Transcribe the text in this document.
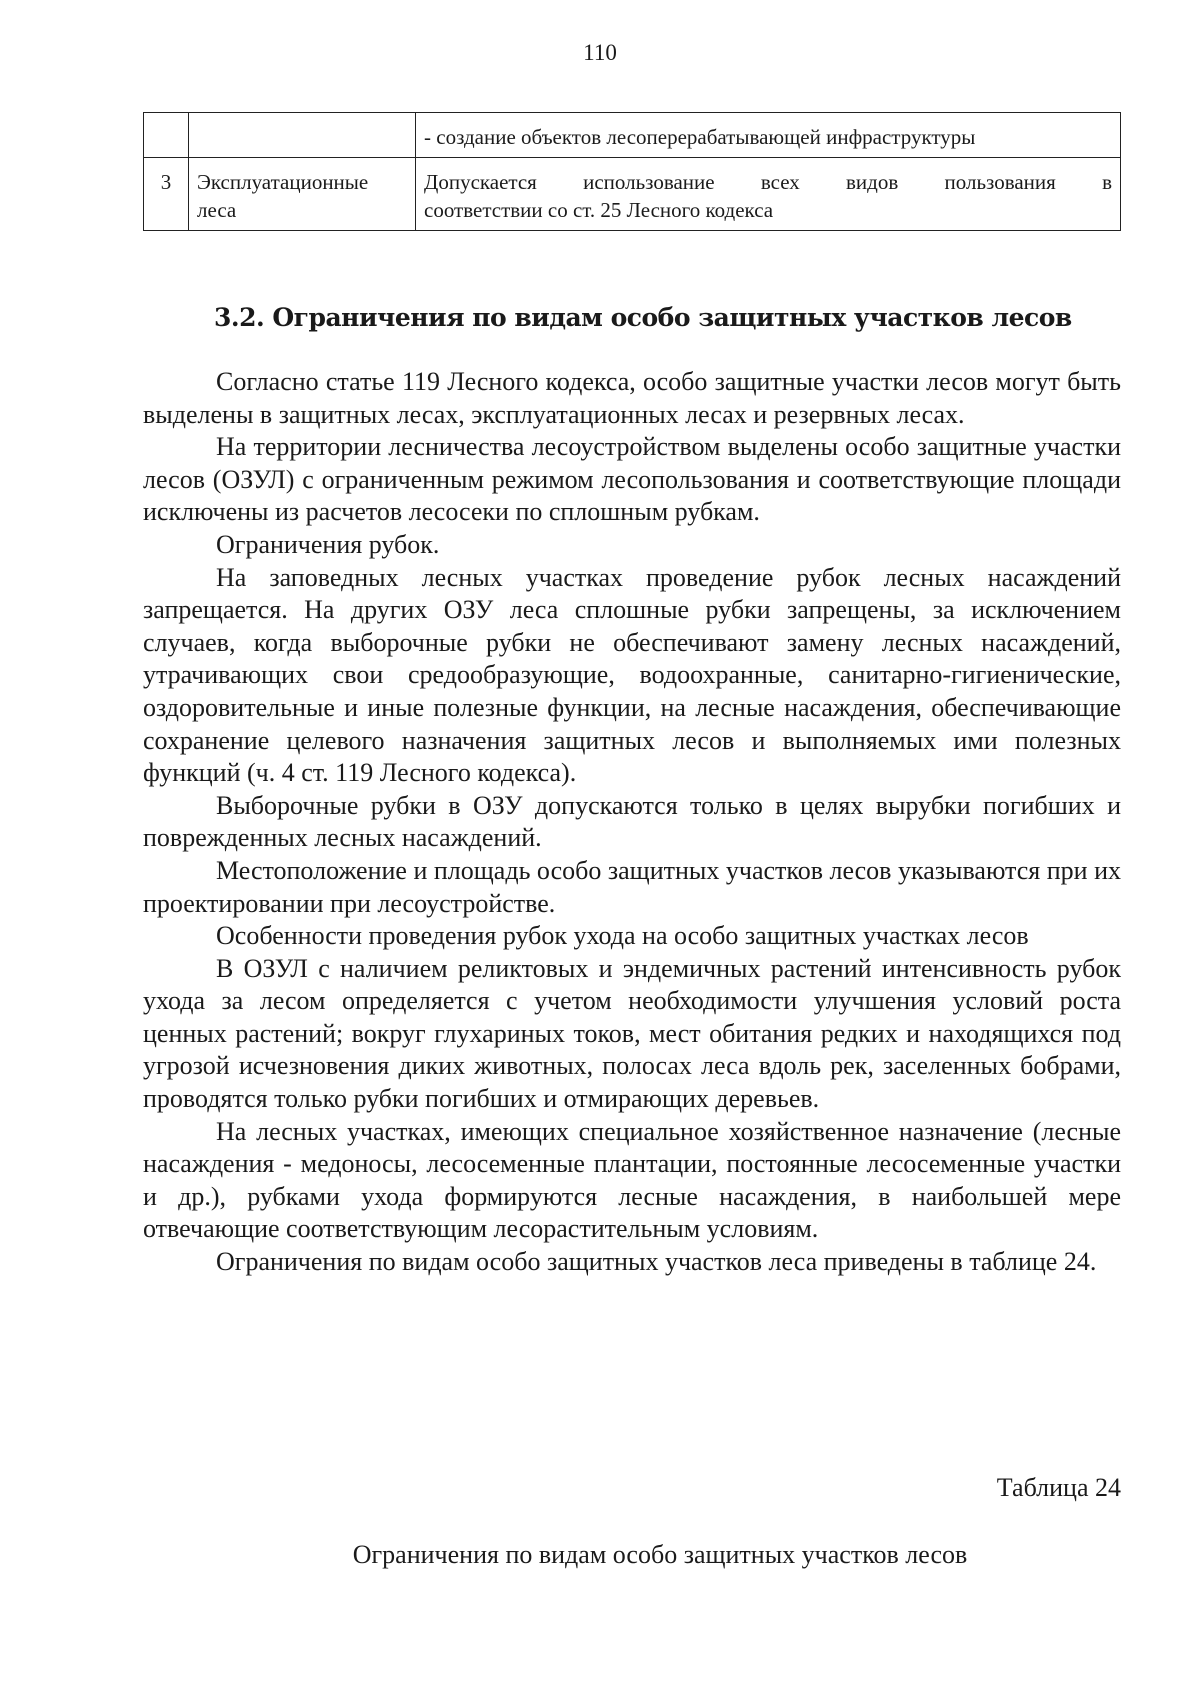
110
		- создание объектов лесоперерабатывающей инфраструктуры
3	Эксплуатационные леса	Допускается использование всех видов пользования в
соответствии со ст. 25 Лесного кодекса
3.2. Ограничения по видам особо защитных участков лесов

Согласно статье 119 Лесного кодекса, особо защитные участки лесов могут быть выделены в защитных лесах, эксплуатационных лесах и резервных лесах.

На территории лесничества лесоустройством выделены особо защитные участки лесов (ОЗУЛ) с ограниченным режимом лесопользования и соответствующие площади исключены из расчетов лесосеки по сплошным рубкам.

Ограничения рубок.

На заповедных лесных участках проведение рубок лесных насаждений запрещается. На других ОЗУ леса сплошные рубки запрещены, за исключением случаев, когда выборочные рубки не обеспечивают замену лесных насаждений, утрачивающих свои средообразующие, водоохранные, санитарно-гигиенические, оздоровительные и иные полезные функции, на лесные насаждения, обеспечивающие сохранение целевого назначения защитных лесов и выполняемых ими полезных функций (ч. 4 ст. 119 Лесного кодекса).

Выборочные рубки в ОЗУ допускаются только в целях вырубки погибших и поврежденных лесных насаждений.

Местоположение и площадь особо защитных участков лесов указываются при их проектировании при лесоустройстве.

Особенности проведения рубок ухода на особо защитных участках лесов

В ОЗУЛ с наличием реликтовых и эндемичных растений интенсивность рубок ухода за лесом определяется с учетом необходимости улучшения условий роста ценных растений; вокруг глухариных токов, мест обитания редких и находящихся под угрозой исчезновения диких животных, полосах леса вдоль рек, заселенных бобрами, проводятся только рубки погибших и отмирающих деревьев.

На лесных участках, имеющих специальное хозяйственное назначение (лесные насаждения - медоносы, лесосеменные плантации, постоянные лесосеменные участки и др.), рубками ухода формируются лесные насаждения, в наибольшей мере отвечающие соответствующим лесорастительным условиям.

Ограничения по видам особо защитных участков леса приведены в таблице 24.

Таблица 24
Ограничения по видам особо защитных участков лесов
